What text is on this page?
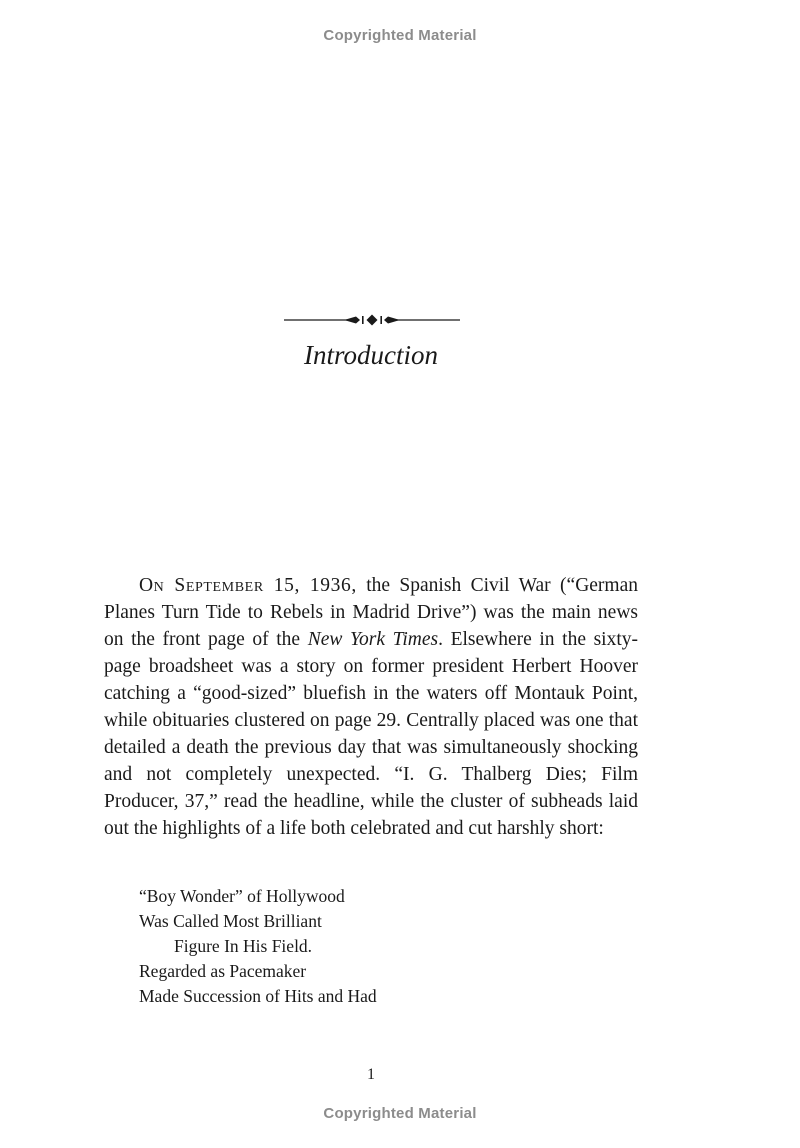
Copyrighted Material
Introduction

On September 15, 1936, the Spanish Civil War (“German Planes Turn Tide to Rebels in Madrid Drive”) was the main news on the front page of the New York Times. Elsewhere in the sixty-page broadsheet was a story on former president Herbert Hoover catching a “good-sized” bluefish in the waters off Montauk Point, while obituaries clustered on page 29. Centrally placed was one that detailed a death the previous day that was simultaneously shocking and not completely unexpected. “I. G. Thalberg Dies; Film Producer, 37,” read the headline, while the cluster of subheads laid out the highlights of a life both celebrated and cut harshly short:

“Boy Wonder” of Hollywood
Was Called Most Brilliant
Figure In His Field.
Regarded as Pacemaker
Made Succession of Hits and Had
1
Copyrighted Material
